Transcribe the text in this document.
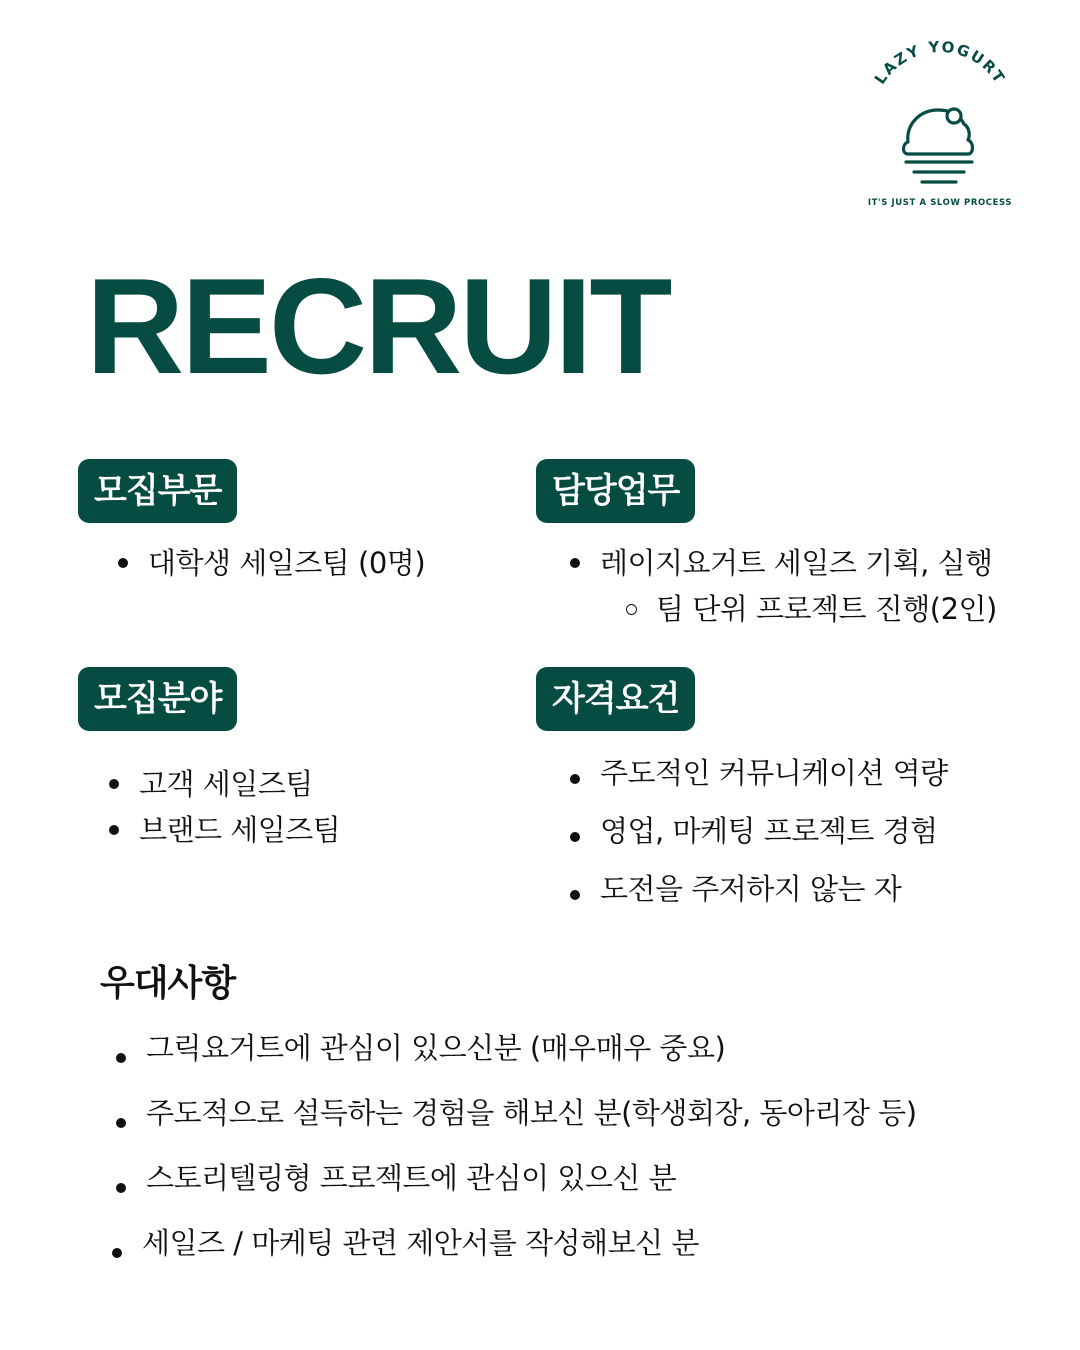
LAZY YOGURT
IT'S JUST A SLOW PROCESS
RECRUIT
모집부문
대학생 세일즈팀 (0명)
담당업무
레이지요거트 세일즈 기획, 실행
팀 단위 프로젝트 진행(2인)
모집분야
고객 세일즈팀
브랜드 세일즈팀
자격요건
주도적인 커뮤니케이션 역량
영업, 마케팅 프로젝트 경험
도전을 주저하지 않는 자
우대사항
그릭요거트에 관심이 있으신분 (매우매우 중요)
주도적으로 설득하는 경험을 해보신 분(학생회장, 동아리장 등)
스토리텔링형 프로젝트에 관심이 있으신 분
세일즈 / 마케팅 관련 제안서를 작성해보신 분
